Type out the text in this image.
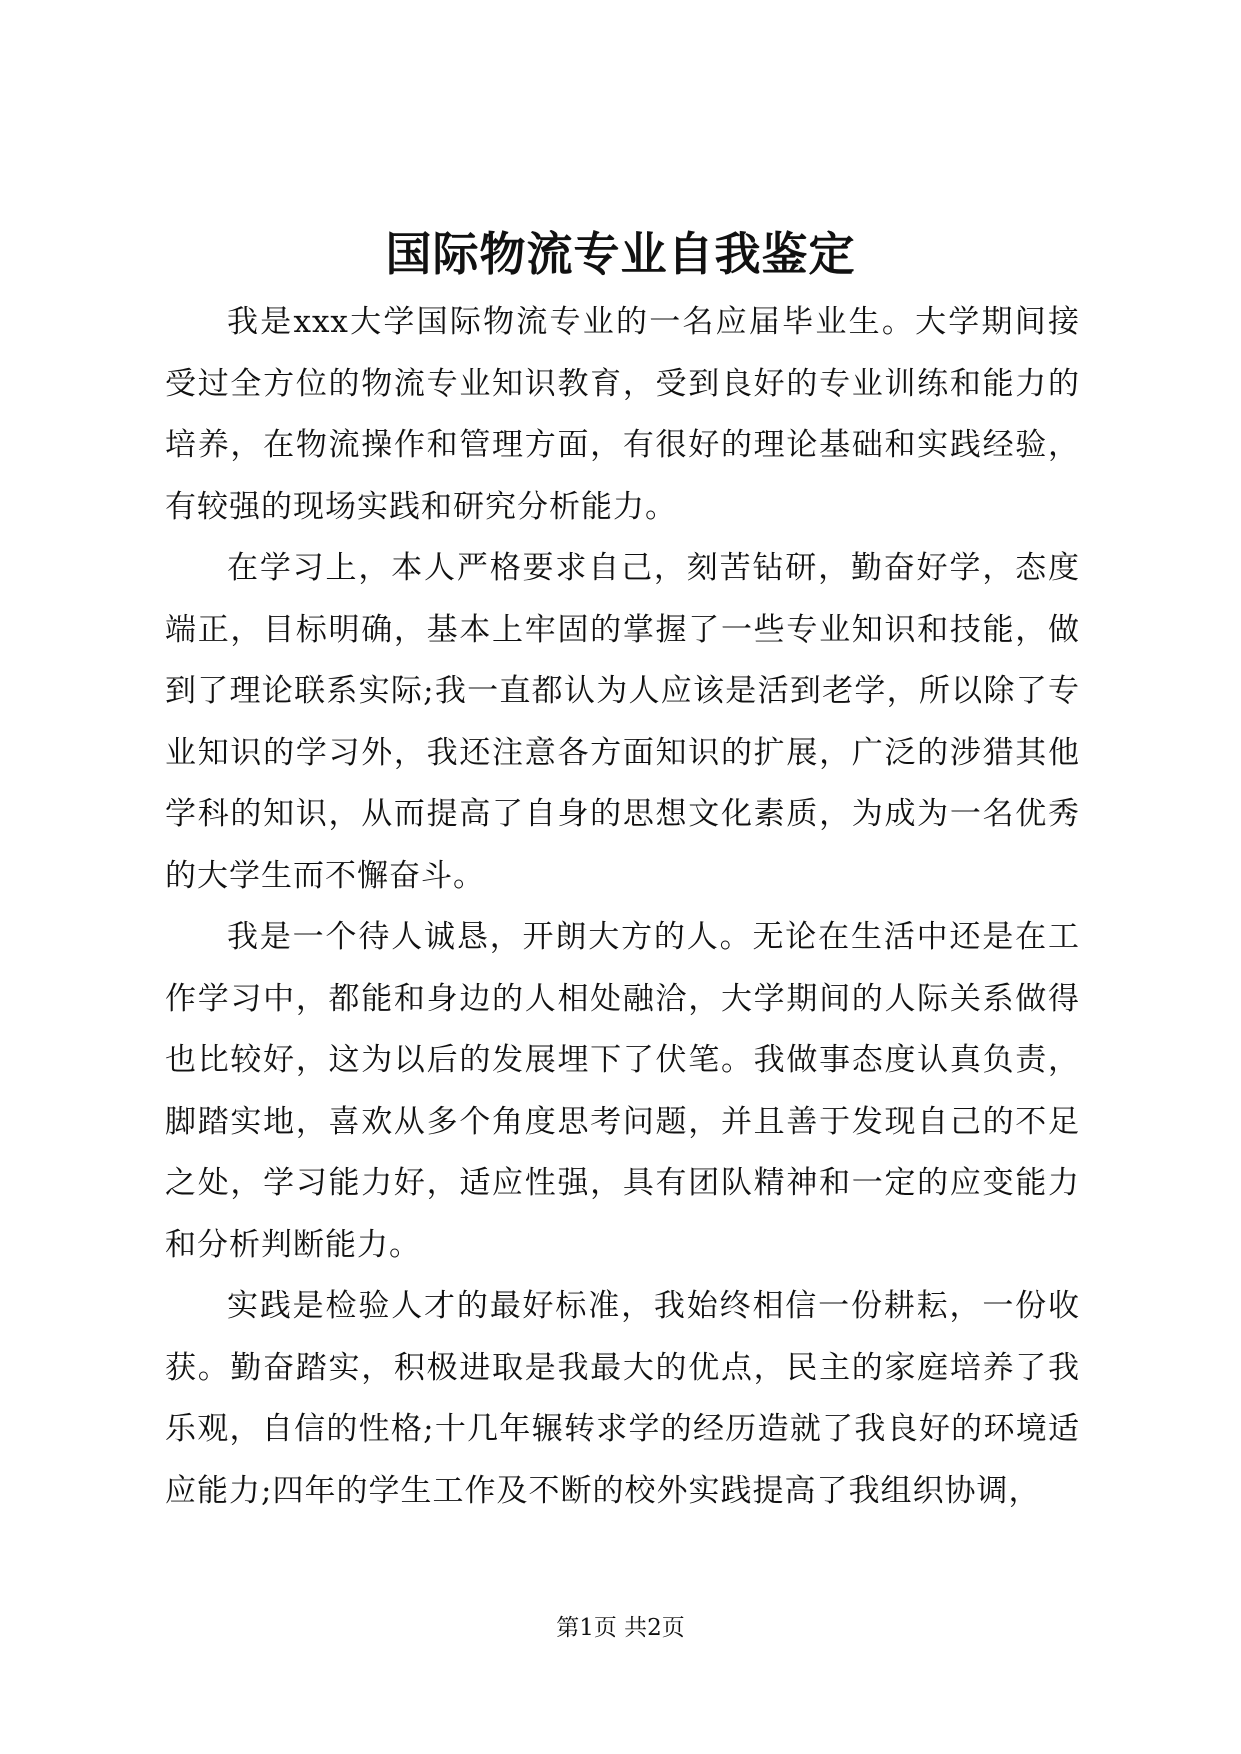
国际物流专业自我鉴定

我是xxx大学国际物流专业的一名应届毕业生。大学期间接受过全方位的物流专业知识教育，受到良好的专业训练和能力的培养，在物流操作和管理方面，有很好的理论基础和实践经验，有较强的现场实践和研究分析能力。

在学习上，本人严格要求自己，刻苦钻研，勤奋好学，态度端正，目标明确，基本上牢固的掌握了一些专业知识和技能，做到了理论联系实际;我一直都认为人应该是活到老学，所以除了专业知识的学习外，我还注意各方面知识的扩展，广泛的涉猎其他学科的知识，从而提高了自身的思想文化素质，为成为一名优秀的大学生而不懈奋斗。

我是一个待人诚恳，开朗大方的人。无论在生活中还是在工作学习中，都能和身边的人相处融洽，大学期间的人际关系做得也比较好，这为以后的发展埋下了伏笔。我做事态度认真负责，脚踏实地，喜欢从多个角度思考问题，并且善于发现自己的不足之处，学习能力好，适应性强，具有团队精神和一定的应变能力和分析判断能力。

实践是检验人才的最好标准，我始终相信一份耕耘，一份收获。勤奋踏实，积极进取是我最大的优点，民主的家庭培养了我乐观，自信的性格;十几年辗转求学的经历造就了我良好的环境适应能力;四年的学生工作及不断的校外实践提高了我组织协调，

第1页 共2页
